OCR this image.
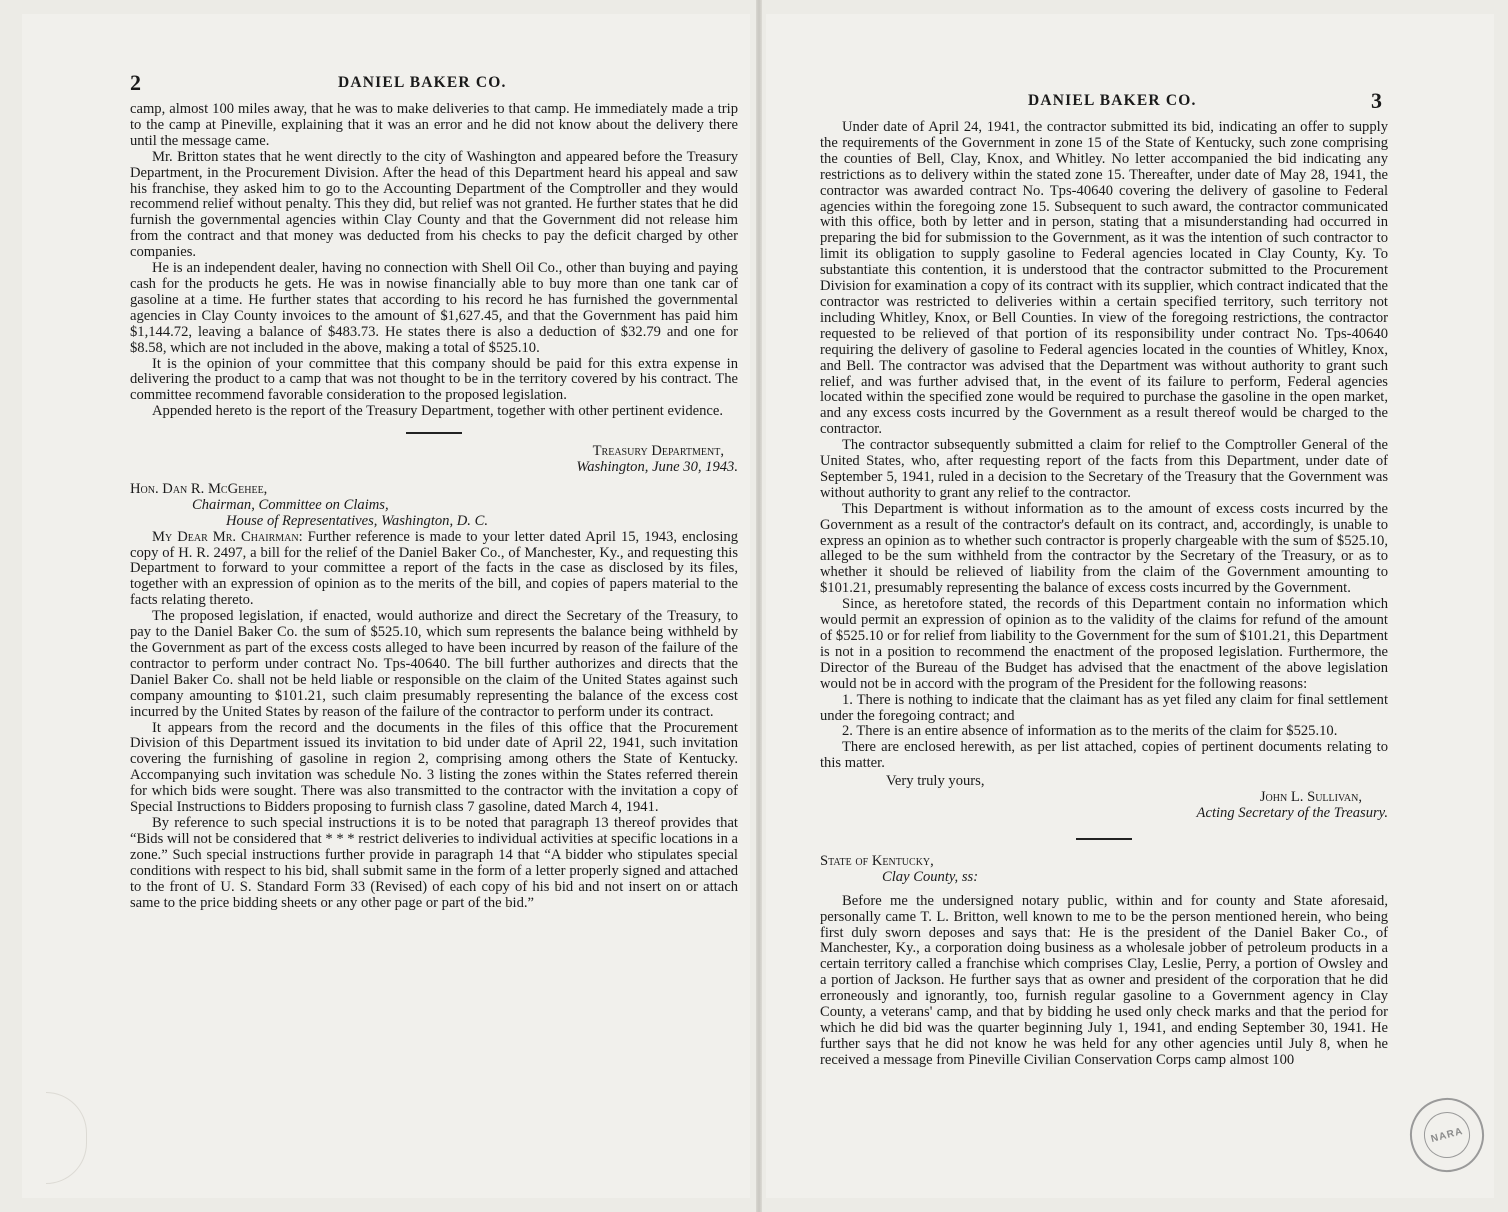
2	DANIEL BAKER CO.

camp, almost 100 miles away, that he was to make deliveries to that camp. He immediately made a trip to the camp at Pineville, explaining that it was an error and he did not know about the delivery there until the message came.

Mr. Britton states that he went directly to the city of Washington and appeared before the Treasury Department, in the Procurement Division. After the head of this Department heard his appeal and saw his franchise, they asked him to go to the Accounting Department of the Comptroller and they would recommend relief without penalty. This they did, but relief was not granted. He further states that he did furnish the governmental agencies within Clay County and that the Government did not release him from the contract and that money was deducted from his checks to pay the deficit charged by other companies.

He is an independent dealer, having no connection with Shell Oil Co., other than buying and paying cash for the products he gets. He was in nowise financially able to buy more than one tank car of gasoline at a time. He further states that according to his record he has furnished the governmental agencies in Clay County invoices to the amount of $1,627.45, and that the Government has paid him $1,144.72, leaving a balance of $483.73. He states there is also a deduction of $32.79 and one for $8.58, which are not included in the above, making a total of $525.10.

It is the opinion of your committee that this company should be paid for this extra expense in delivering the product to a camp that was not thought to be in the territory covered by his contract. The committee recommend favorable consideration to the proposed legislation.

Appended hereto is the report of the Treasury Department, together with other pertinent evidence.

Treasury Department,
Washington, June 30, 1943.
Hon. Dan R. McGehee,
Chairman, Committee on Claims,
House of Representatives, Washington, D. C.

My Dear Mr. Chairman: Further reference is made to your letter dated April 15, 1943, enclosing copy of H. R. 2497, a bill for the relief of the Daniel Baker Co., of Manchester, Ky., and requesting this Department to forward to your committee a report of the facts in the case as disclosed by its files, together with an expression of opinion as to the merits of the bill, and copies of papers material to the facts relating thereto.

The proposed legislation, if enacted, would authorize and direct the Secretary of the Treasury, to pay to the Daniel Baker Co. the sum of $525.10, which sum represents the balance being withheld by the Government as part of the excess costs alleged to have been incurred by reason of the failure of the contractor to perform under contract No. Tps-40640. The bill further authorizes and directs that the Daniel Baker Co. shall not be held liable or responsible on the claim of the United States against such company amounting to $101.21, such claim presumably representing the balance of the excess cost incurred by the United States by reason of the failure of the contractor to perform under its contract.

It appears from the record and the documents in the files of this office that the Procurement Division of this Department issued its invitation to bid under date of April 22, 1941, such invitation covering the furnishing of gasoline in region 2, comprising among others the State of Kentucky. Accompanying such invitation was schedule No. 3 listing the zones within the States referred therein for which bids were sought. There was also transmitted to the contractor with the invitation a copy of Special Instructions to Bidders proposing to furnish class 7 gasoline, dated March 4, 1941.

By reference to such special instructions it is to be noted that paragraph 13 thereof provides that “Bids will not be considered that * * * restrict deliveries to individual activities at specific locations in a zone.” Such special instructions further provide in paragraph 14 that “A bidder who stipulates special conditions with respect to his bid, shall submit same in the form of a letter properly signed and attached to the front of U. S. Standard Form 33 (Revised) of each copy of his bid and not insert on or attach same to the price bidding sheets or any other page or part of the bid.”

DANIEL BAKER CO.	3

Under date of April 24, 1941, the contractor submitted its bid, indicating an offer to supply the requirements of the Government in zone 15 of the State of Kentucky, such zone comprising the counties of Bell, Clay, Knox, and Whitley. No letter accompanied the bid indicating any restrictions as to delivery within the stated zone 15. Thereafter, under date of May 28, 1941, the contractor was awarded contract No. Tps-40640 covering the delivery of gasoline to Federal agencies within the foregoing zone 15. Subsequent to such award, the contractor communicated with this office, both by letter and in person, stating that a misunderstanding had occurred in preparing the bid for submission to the Government, as it was the intention of such contractor to limit its obligation to supply gasoline to Federal agencies located in Clay County, Ky. To substantiate this contention, it is understood that the contractor submitted to the Procurement Division for examination a copy of its contract with its supplier, which contract indicated that the contractor was restricted to deliveries within a certain specified territory, such territory not including Whitley, Knox, or Bell Counties. In view of the foregoing restrictions, the contractor requested to be relieved of that portion of its responsibility under contract No. Tps-40640 requiring the delivery of gasoline to Federal agencies located in the counties of Whitley, Knox, and Bell. The contractor was advised that the Department was without authority to grant such relief, and was further advised that, in the event of its failure to perform, Federal agencies located within the specified zone would be required to purchase the gasoline in the open market, and any excess costs incurred by the Government as a result thereof would be charged to the contractor.

The contractor subsequently submitted a claim for relief to the Comptroller General of the United States, who, after requesting report of the facts from this Department, under date of September 5, 1941, ruled in a decision to the Secretary of the Treasury that the Government was without authority to grant any relief to the contractor.

This Department is without information as to the amount of excess costs incurred by the Government as a result of the contractor's default on its contract, and, accordingly, is unable to express an opinion as to whether such contractor is properly chargeable with the sum of $525.10, alleged to be the sum withheld from the contractor by the Secretary of the Treasury, or as to whether it should be relieved of liability from the claim of the Government amounting to $101.21, presumably representing the balance of excess costs incurred by the Government.

Since, as heretofore stated, the records of this Department contain no information which would permit an expression of opinion as to the validity of the claims for refund of the amount of $525.10 or for relief from liability to the Government for the sum of $101.21, this Department is not in a position to recommend the enactment of the proposed legislation. Furthermore, the Director of the Bureau of the Budget has advised that the enactment of the above legislation would not be in accord with the program of the President for the following reasons:

1. There is nothing to indicate that the claimant has as yet filed any claim for final settlement under the foregoing contract; and

2. There is an entire absence of information as to the merits of the claim for $525.10.

There are enclosed herewith, as per list attached, copies of pertinent documents relating to this matter.

Very truly yours,
John L. Sullivan,
Acting Secretary of the Treasury.
State of Kentucky,
Clay County, ss:

Before me the undersigned notary public, within and for county and State aforesaid, personally came T. L. Britton, well known to me to be the person mentioned herein, who being first duly sworn deposes and says that: He is the president of the Daniel Baker Co., of Manchester, Ky., a corporation doing business as a wholesale jobber of petroleum products in a certain territory called a franchise which comprises Clay, Leslie, Perry, a portion of Owsley and a portion of Jackson. He further says that as owner and president of the corporation that he did erroneously and ignorantly, too, furnish regular gasoline to a Government agency in Clay County, a veterans' camp, and that by bidding he used only check marks and that the period for which he did bid was the quarter beginning July 1, 1941, and ending September 30, 1941. He further says that he did not know he was held for any other agencies until July 8, when he received a message from Pineville Civilian Conservation Corps camp almost 100

NARA
